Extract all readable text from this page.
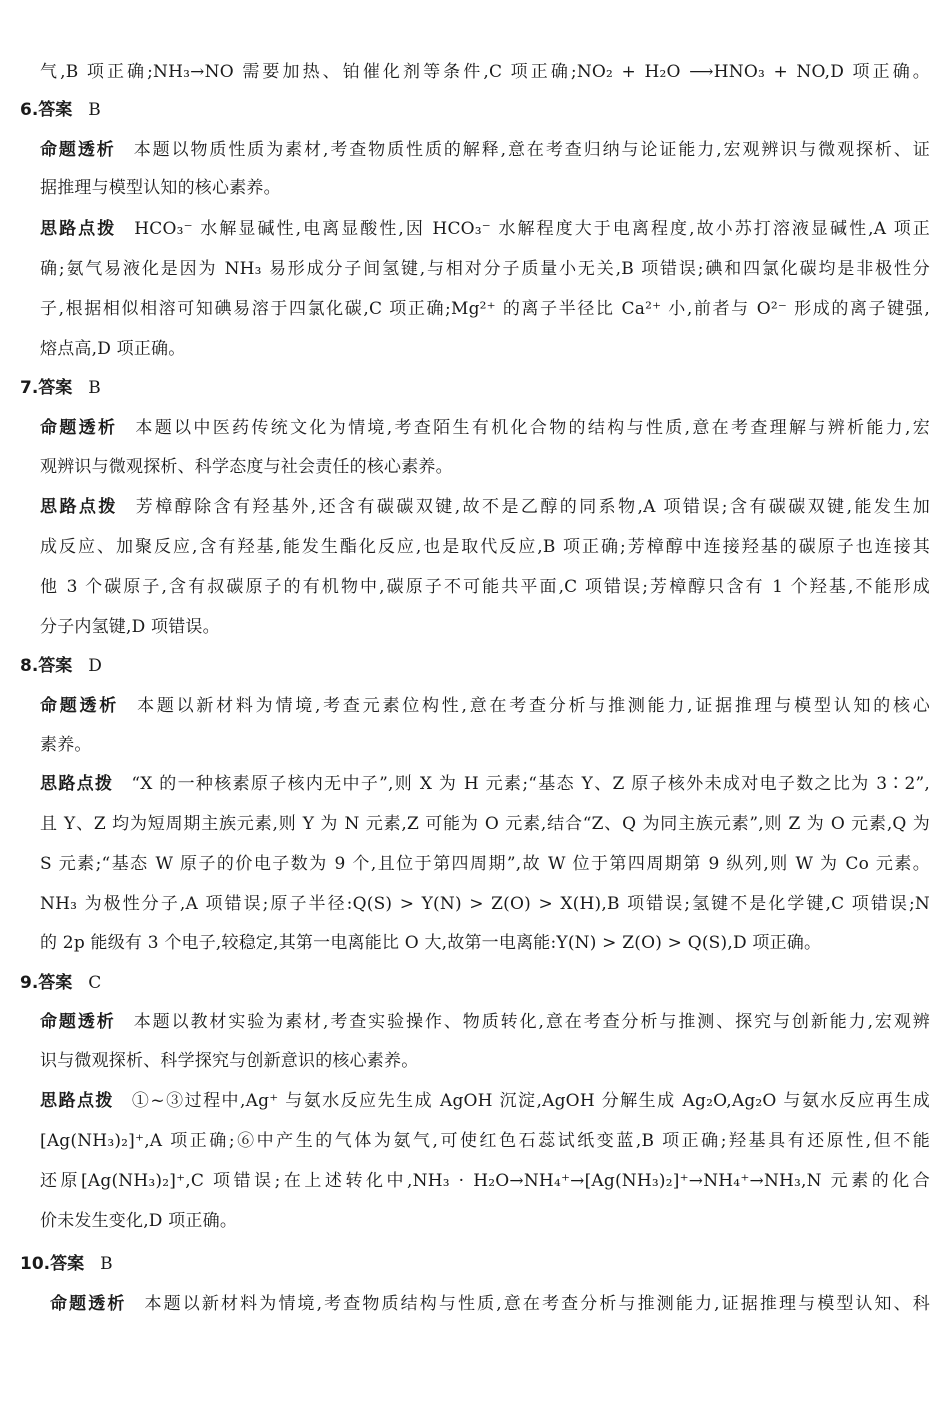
气,B 项正确;NH₃→NO 需要加热、铂催化剂等条件,C 项正确;NO₂ + H₂O ⟶HNO₃ + NO,D 项正确。
6.答案 B
命题透析 本题以物质性质为素材,考查物质性质的解释,意在考查归纳与论证能力,宏观辨识与微观探析、证
据推理与模型认知的核心素养。
思路点拨 HCO₃⁻ 水解显碱性,电离显酸性,因 HCO₃⁻ 水解程度大于电离程度,故小苏打溶液显碱性,A 项正
确;氨气易液化是因为 NH₃ 易形成分子间氢键,与相对分子质量小无关,B 项错误;碘和四氯化碳均是非极性分
子,根据相似相溶可知碘易溶于四氯化碳,C 项正确;Mg²⁺ 的离子半径比 Ca²⁺ 小,前者与 O²⁻ 形成的离子键强,
熔点高,D 项正确。
7.答案 B
命题透析 本题以中医药传统文化为情境,考查陌生有机化合物的结构与性质,意在考查理解与辨析能力,宏
观辨识与微观探析、科学态度与社会责任的核心素养。
思路点拨 芳樟醇除含有羟基外,还含有碳碳双键,故不是乙醇的同系物,A 项错误;含有碳碳双键,能发生加
成反应、加聚反应,含有羟基,能发生酯化反应,也是取代反应,B 项正确;芳樟醇中连接羟基的碳原子也连接其
他 3 个碳原子,含有叔碳原子的有机物中,碳原子不可能共平面,C 项错误;芳樟醇只含有 1 个羟基,不能形成
分子内氢键,D 项错误。
8.答案 D
命题透析 本题以新材料为情境,考查元素位构性,意在考查分析与推测能力,证据推理与模型认知的核心
素养。
思路点拨 “X 的一种核素原子核内无中子”,则 X 为 H 元素;“基态 Y、Z 原子核外未成对电子数之比为 3∶2”,
且 Y、Z 均为短周期主族元素,则 Y 为 N 元素,Z 可能为 O 元素,结合“Z、Q 为同主族元素”,则 Z 为 O 元素,Q 为
S 元素;“基态 W 原子的价电子数为 9 个,且位于第四周期”,故 W 位于第四周期第 9 纵列,则 W 为 Co 元素。
NH₃ 为极性分子,A 项错误;原子半径:Q(S) > Y(N) > Z(O) > X(H),B 项错误;氢键不是化学键,C 项错误;N
的 2p 能级有 3 个电子,较稳定,其第一电离能比 O 大,故第一电离能:Y(N) > Z(O) > Q(S),D 项正确。
9.答案 C
命题透析 本题以教材实验为素材,考查实验操作、物质转化,意在考查分析与推测、探究与创新能力,宏观辨
识与微观探析、科学探究与创新意识的核心素养。
思路点拨 ①~③过程中,Ag⁺ 与氨水反应先生成 AgOH 沉淀,AgOH 分解生成 Ag₂O,Ag₂O 与氨水反应再生成
[Ag(NH₃)₂]⁺,A 项正确;⑥中产生的气体为氨气,可使红色石蕊试纸变蓝,B 项正确;羟基具有还原性,但不能
还原[Ag(NH₃)₂]⁺,C 项错误;在上述转化中,NH₃ · H₂O→NH₄⁺→[Ag(NH₃)₂]⁺→NH₄⁺→NH₃,N 元素的化合
价未发生变化,D 项正确。
10.答案 B
命题透析 本题以新材料为情境,考查物质结构与性质,意在考查分析与推测能力,证据推理与模型认知、科
